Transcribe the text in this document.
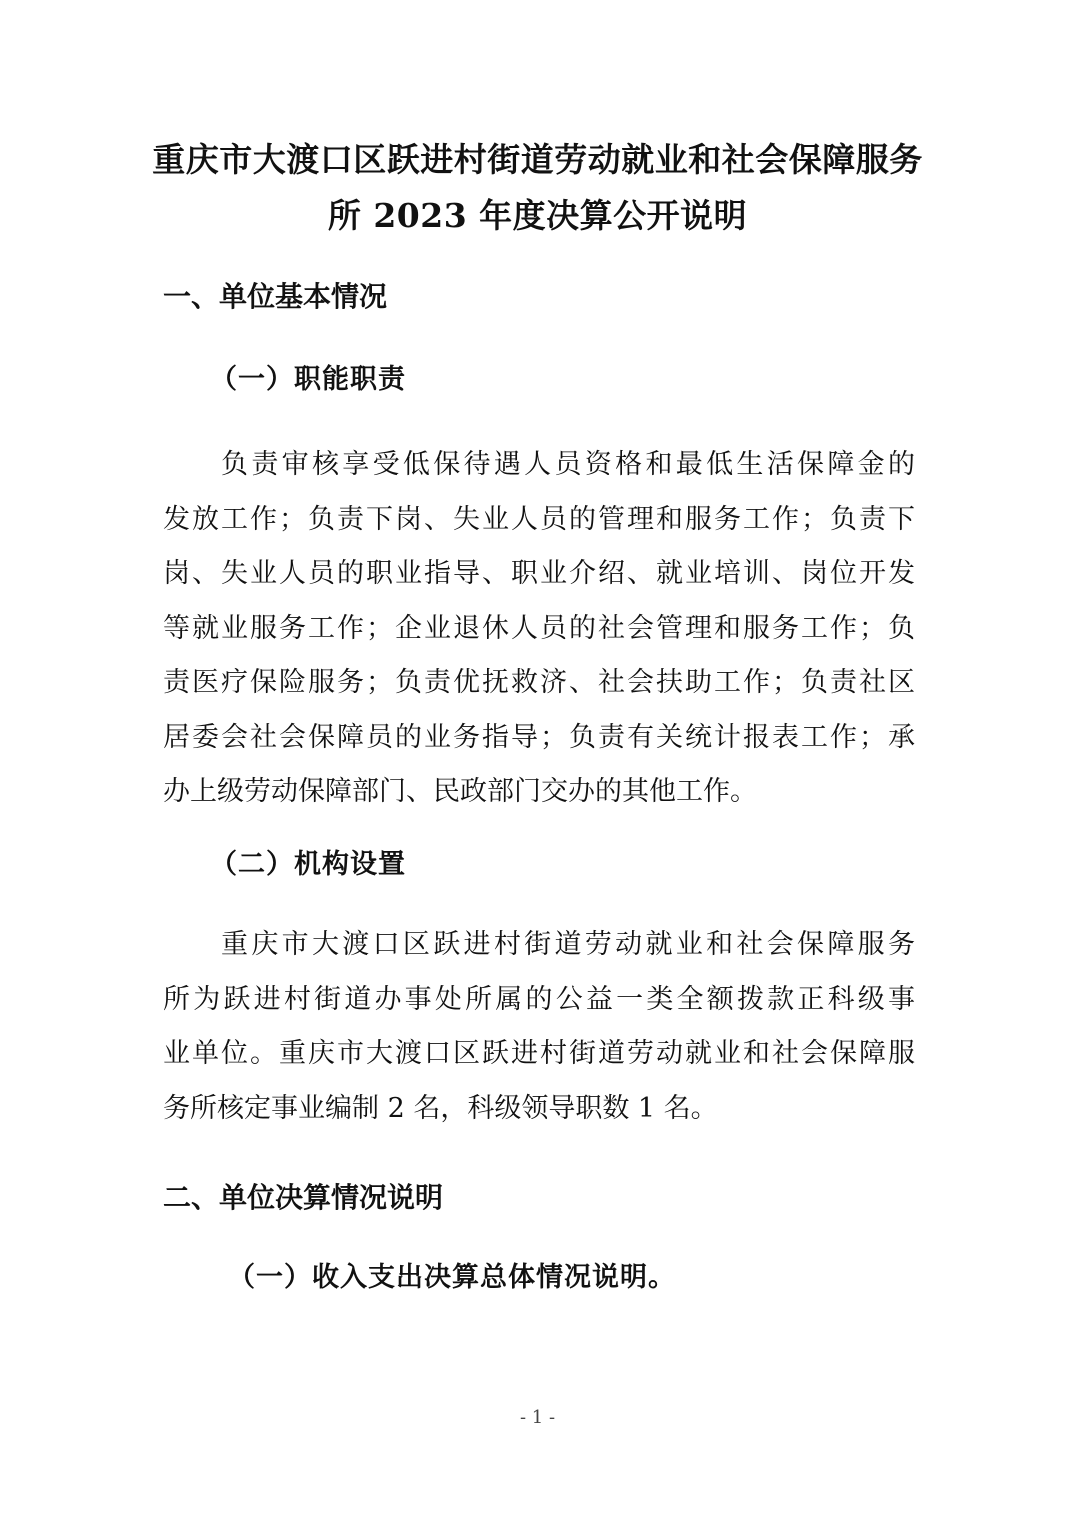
重庆市大渡口区跃进村街道劳动就业和社会保障服务
所 2023 年度决算公开说明
一、单位基本情况
（一）职能职责
负责审核享受低保待遇人员资格和最低生活保障金的
发放工作；负责下岗、失业人员的管理和服务工作；负责下
岗、失业人员的职业指导、职业介绍、就业培训、岗位开发
等就业服务工作；企业退休人员的社会管理和服务工作；负
责医疗保险服务；负责优抚救济、社会扶助工作；负责社区
居委会社会保障员的业务指导；负责有关统计报表工作；承
办上级劳动保障部门、民政部门交办的其他工作。
（二）机构设置
重庆市大渡口区跃进村街道劳动就业和社会保障服务
所为跃进村街道办事处所属的公益一类全额拨款正科级事
业单位。重庆市大渡口区跃进村街道劳动就业和社会保障服
务所核定事业编制 2 名，科级领导职数 1 名。
二、单位决算情况说明
（一）收入支出决算总体情况说明。
- 1 -
